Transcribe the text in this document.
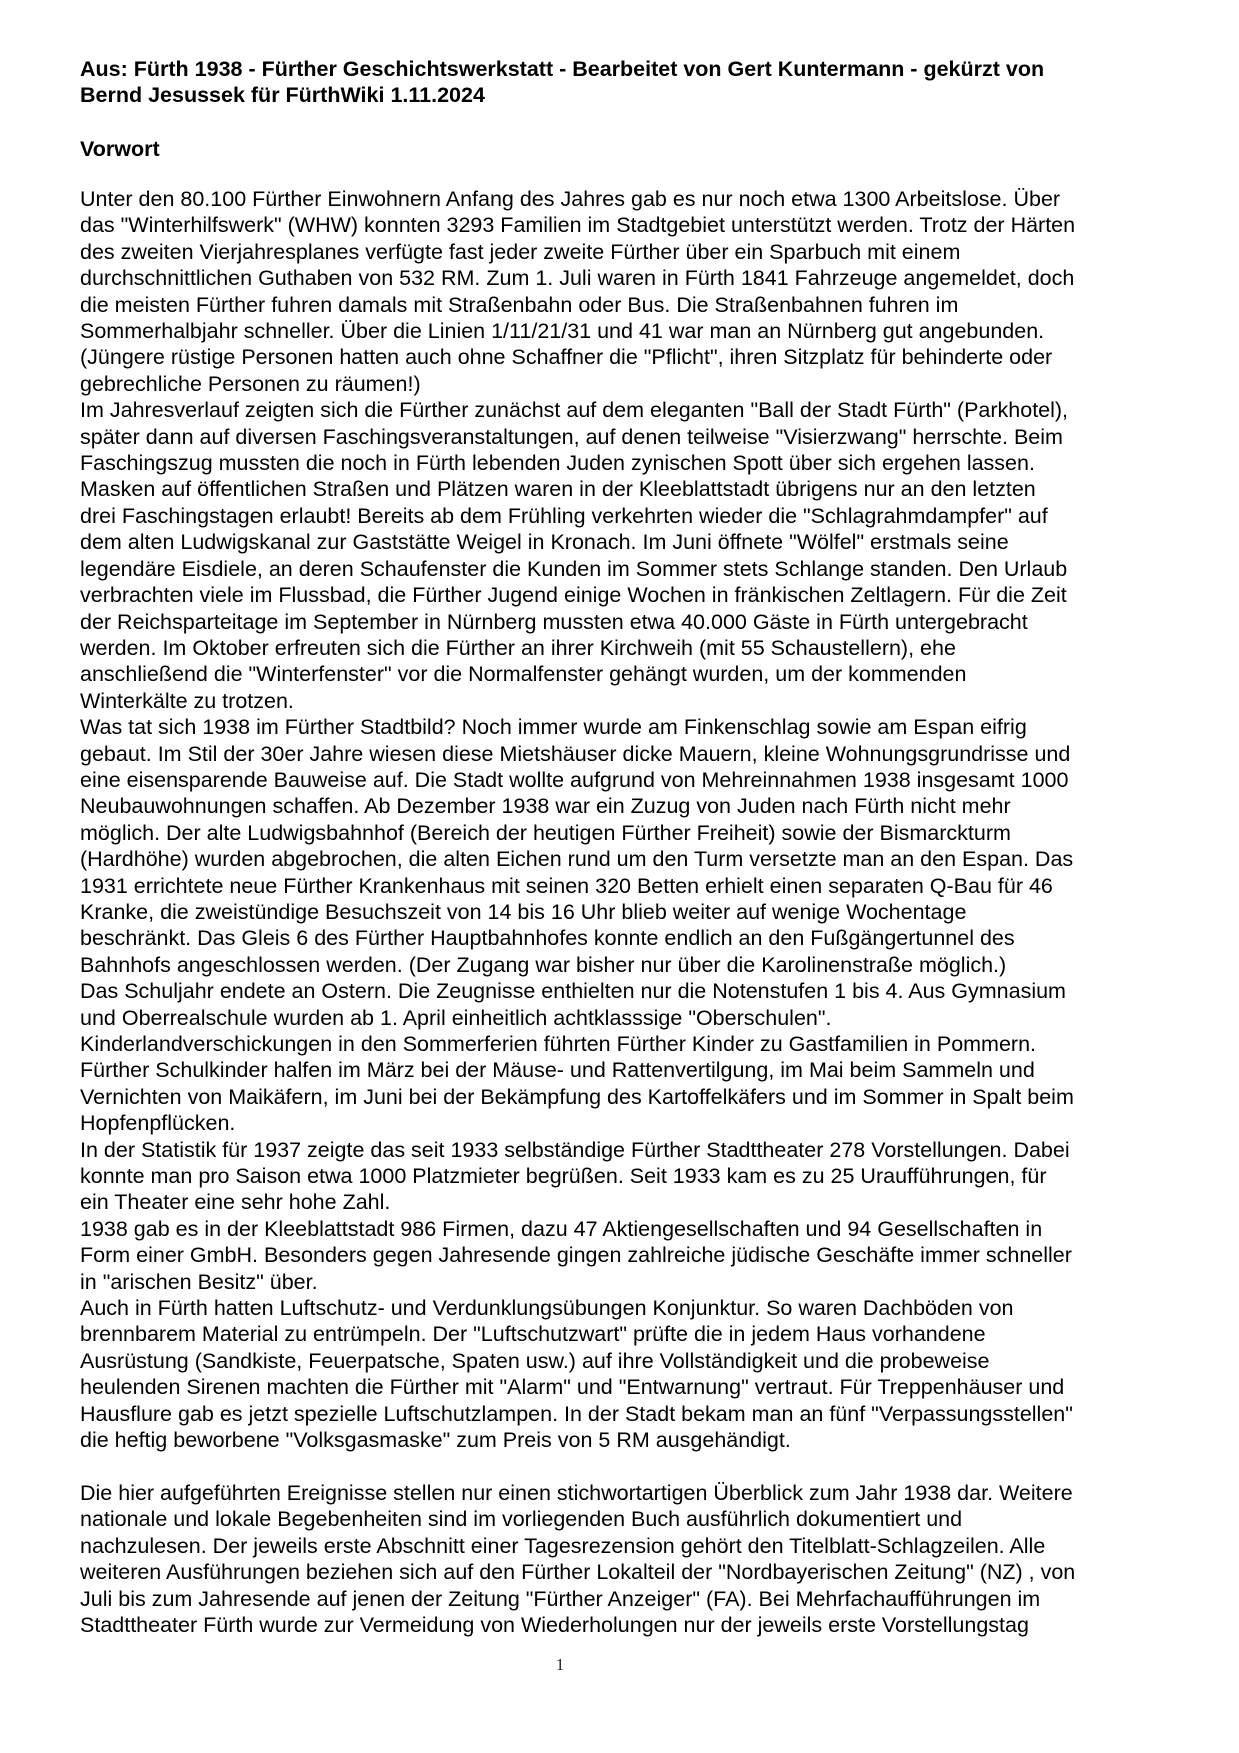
Aus: Fürth 1938 - Fürther Geschichtswerkstatt - Bearbeitet von Gert Kuntermann - gekürzt von
Bernd Jesussek für FürthWiki 1.11.2024
Vorwort
Unter den 80.100 Fürther Einwohnern Anfang des Jahres gab es nur noch etwa 1300 Arbeitslose. Über
das "Winterhilfswerk" (WHW) konnten 3293 Familien im Stadtgebiet unterstützt werden. Trotz der Härten
des zweiten Vierjahresplanes verfügte fast jeder zweite Fürther über ein Sparbuch mit einem
durchschnittlichen Guthaben von 532 RM. Zum 1. Juli waren in Fürth 1841 Fahrzeuge angemeldet, doch
die meisten Fürther fuhren damals mit Straßenbahn oder Bus. Die Straßenbahnen fuhren im
Sommerhalbjahr schneller. Über die Linien 1/11/21/31 und 41 war man an Nürnberg gut angebunden.
(Jüngere rüstige Personen hatten auch ohne Schaffner die "Pflicht", ihren Sitzplatz für behinderte oder
gebrechliche Personen zu räumen!)
Im Jahresverlauf zeigten sich die Fürther zunächst auf dem eleganten "Ball der Stadt Fürth" (Parkhotel),
später dann auf diversen Faschingsveranstaltungen, auf denen teilweise "Visierzwang" herrschte. Beim
Faschingszug mussten die noch in Fürth lebenden Juden zynischen Spott über sich ergehen lassen.
Masken auf öffentlichen Straßen und Plätzen waren in der Kleeblattstadt übrigens nur an den letzten
drei Faschingstagen erlaubt! Bereits ab dem Frühling verkehrten wieder die "Schlagrahmdampfer" auf
dem alten Ludwigskanal zur Gaststätte Weigel in Kronach. Im Juni öffnete "Wölfel" erstmals seine
legendäre Eisdiele, an deren Schaufenster die Kunden im Sommer stets Schlange standen. Den Urlaub
verbrachten viele im Flussbad, die Fürther Jugend einige Wochen in fränkischen Zeltlagern. Für die Zeit
der Reichsparteitage im September in Nürnberg mussten etwa 40.000 Gäste in Fürth untergebracht
werden. Im Oktober erfreuten sich die Fürther an ihrer Kirchweih (mit 55 Schaustellern), ehe
anschließend die "Winterfenster" vor die Normalfenster gehängt wurden, um der kommenden
Winterkälte zu trotzen.
Was tat sich 1938 im Fürther Stadtbild? Noch immer wurde am Finkenschlag sowie am Espan eifrig
gebaut. Im Stil der 30er Jahre wiesen diese Mietshäuser dicke Mauern, kleine Wohnungsgrundrisse und
eine eisensparende Bauweise auf. Die Stadt wollte aufgrund von Mehreinnahmen 1938 insgesamt 1000
Neubauwohnungen schaffen. Ab Dezember 1938 war ein Zuzug von Juden nach Fürth nicht mehr
möglich. Der alte Ludwigsbahnhof (Bereich der heutigen Fürther Freiheit) sowie der Bismarckturm
(Hardhöhe) wurden abgebrochen, die alten Eichen rund um den Turm versetzte man an den Espan. Das
1931 errichtete neue Fürther Krankenhaus mit seinen 320 Betten erhielt einen separaten Q-Bau für 46
Kranke, die zweistündige Besuchszeit von 14 bis 16 Uhr blieb weiter auf wenige Wochentage
beschränkt. Das Gleis 6 des Fürther Hauptbahnhofes konnte endlich an den Fußgängertunnel des
Bahnhofs angeschlossen werden. (Der Zugang war bisher nur über die Karolinenstraße möglich.)
Das Schuljahr endete an Ostern. Die Zeugnisse enthielten nur die Notenstufen 1 bis 4. Aus Gymnasium
und Oberrealschule wurden ab 1. April einheitlich achtklasssige "Oberschulen".
Kinderlandverschickungen in den Sommerferien führten Fürther Kinder zu Gastfamilien in Pommern.
Fürther Schulkinder halfen im März bei der Mäuse- und Rattenvertilgung, im Mai beim Sammeln und
Vernichten von Maikäfern, im Juni bei der Bekämpfung des Kartoffelkäfers und im Sommer in Spalt beim
Hopfenpflücken.
In der Statistik für 1937 zeigte das seit 1933 selbständige Fürther Stadttheater 278 Vorstellungen. Dabei
konnte man pro Saison etwa 1000 Platzmieter begrüßen. Seit 1933 kam es zu 25 Uraufführungen, für
ein Theater eine sehr hohe Zahl.
1938 gab es in der Kleeblattstadt 986 Firmen, dazu 47 Aktiengesellschaften und 94 Gesellschaften in
Form einer GmbH. Besonders gegen Jahresende gingen zahlreiche jüdische Geschäfte immer schneller
in "arischen Besitz" über.
Auch in Fürth hatten Luftschutz- und Verdunklungsübungen Konjunktur. So waren Dachböden von
brennbarem Material zu entrümpeln. Der "Luftschutzwart" prüfte die in jedem Haus vorhandene
Ausrüstung (Sandkiste, Feuerpatsche, Spaten usw.) auf ihre Vollständigkeit und die probeweise
heulenden Sirenen machten die Fürther mit "Alarm" und "Entwarnung" vertraut. Für Treppenhäuser und
Hausflure gab es jetzt spezielle Luftschutzlampen. In der Stadt bekam man an fünf "Verpassungsstellen"
die heftig beworbene "Volksgasmaske" zum Preis von 5 RM ausgehändigt.
Die hier aufgeführten Ereignisse stellen nur einen stichwortartigen Überblick zum Jahr 1938 dar. Weitere
nationale und lokale Begebenheiten sind im vorliegenden Buch ausführlich dokumentiert und
nachzulesen. Der jeweils erste Abschnitt einer Tagesrezension gehört den Titelblatt-Schlagzeilen. Alle
weiteren Ausführungen beziehen sich auf den Fürther Lokalteil der "Nordbayerischen Zeitung" (NZ) , von
Juli bis zum Jahresende auf jenen der Zeitung "Fürther Anzeiger" (FA). Bei Mehrfachaufführungen im
Stadttheater Fürth wurde zur Vermeidung von Wiederholungen nur der jeweils erste Vorstellungstag
1
